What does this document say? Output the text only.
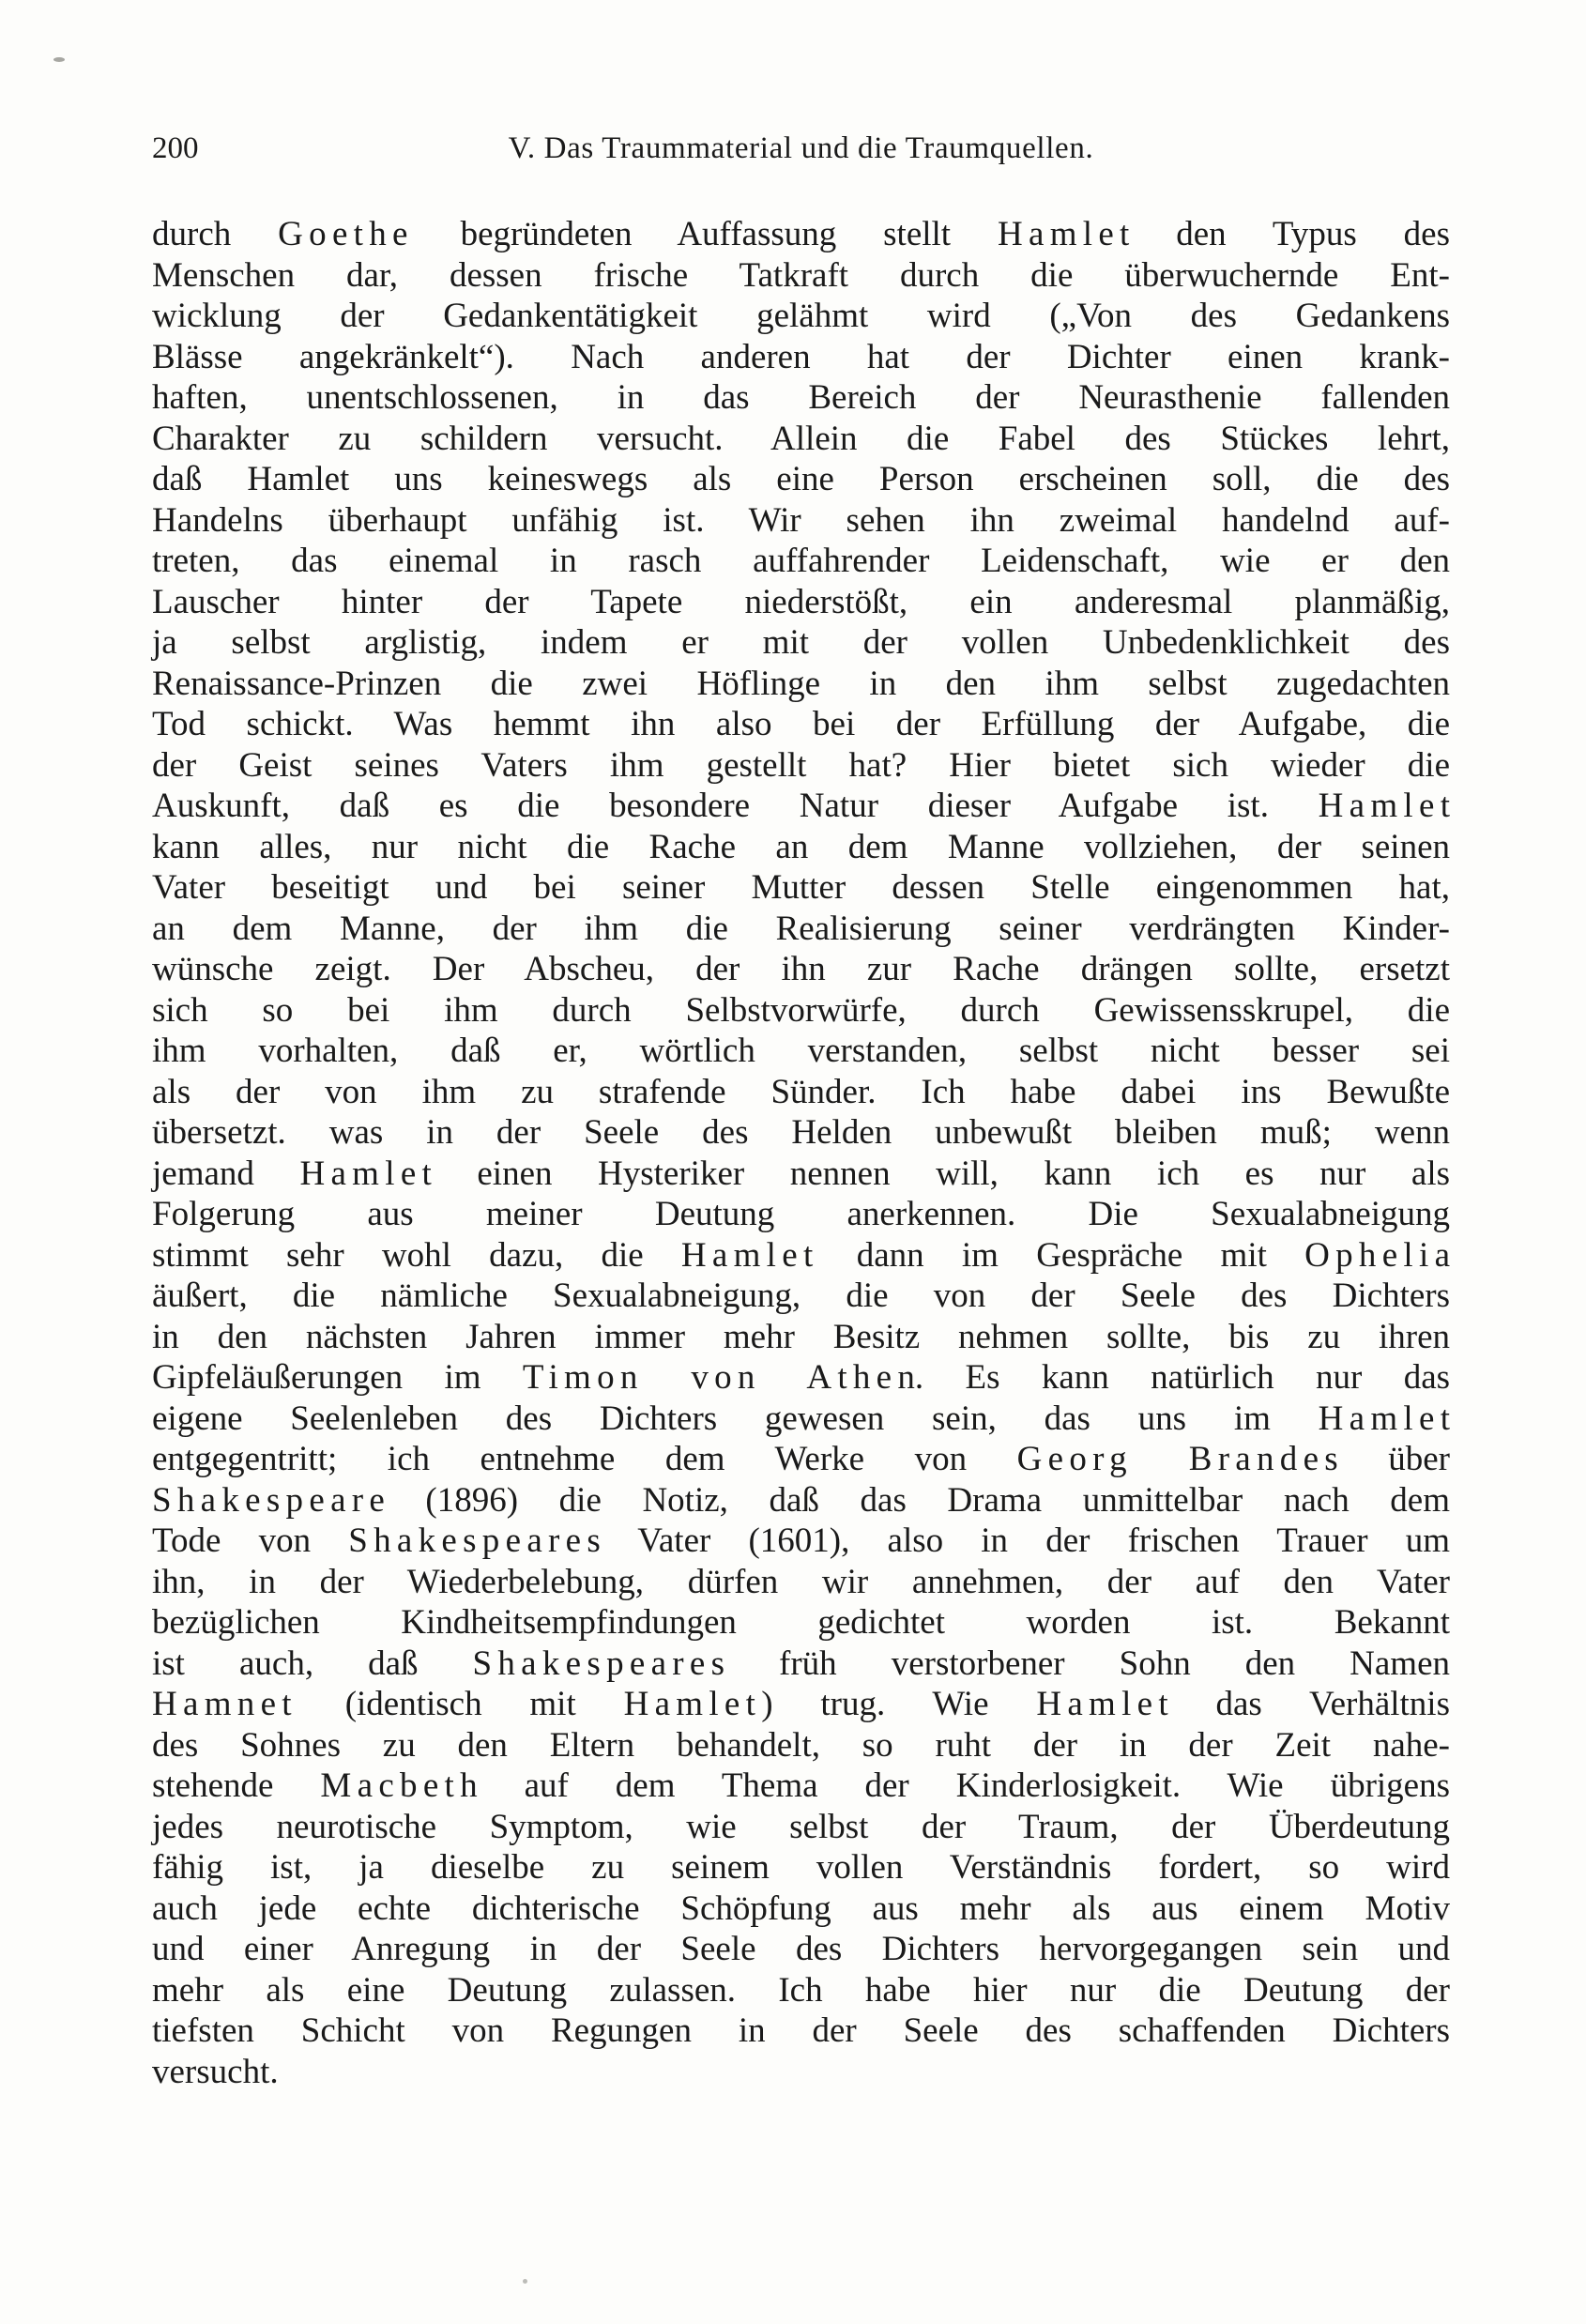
200	V. Das Traummaterial und die Traumquellen.
durch Goethe begründeten Auffassung stellt Hamlet den Typus des
Menschen dar, dessen frische Tatkraft durch die überwuchernde Ent-
wicklung der Gedankentätigkeit gelähmt wird („Von des Gedankens
Blässe angekränkelt“). Nach anderen hat der Dichter einen krank-
haften, unentschlossenen, in das Bereich der Neurasthenie fallenden
Charakter zu schildern versucht. Allein die Fabel des Stückes lehrt,
daß Hamlet uns keineswegs als eine Person erscheinen soll, die des
Handelns überhaupt unfähig ist. Wir sehen ihn zweimal handelnd auf-
treten, das einemal in rasch auffahrender Leidenschaft, wie er den
Lauscher hinter der Tapete niederstößt, ein anderesmal planmäßig,
ja selbst arglistig, indem er mit der vollen Unbedenklichkeit des
Renaissance-Prinzen die zwei Höflinge in den ihm selbst zugedachten
Tod schickt. Was hemmt ihn also bei der Erfüllung der Aufgabe, die
der Geist seines Vaters ihm gestellt hat? Hier bietet sich wieder die
Auskunft, daß es die besondere Natur dieser Aufgabe ist. Hamlet
kann alles, nur nicht die Rache an dem Manne vollziehen, der seinen
Vater beseitigt und bei seiner Mutter dessen Stelle eingenommen hat,
an dem Manne, der ihm die Realisierung seiner verdrängten Kinder-
wünsche zeigt. Der Abscheu, der ihn zur Rache drängen sollte, ersetzt
sich so bei ihm durch Selbstvorwürfe, durch Gewissensskrupel, die
ihm vorhalten, daß er, wörtlich verstanden, selbst nicht besser sei
als der von ihm zu strafende Sünder. Ich habe dabei ins Bewußte
übersetzt. was in der Seele des Helden unbewußt bleiben muß; wenn
jemand Hamlet einen Hysteriker nennen will, kann ich es nur als
Folgerung aus meiner Deutung anerkennen. Die Sexualabneigung
stimmt sehr wohl dazu, die Hamlet dann im Gespräche mit Ophelia
äußert, die nämliche Sexualabneigung, die von der Seele des Dichters
in den nächsten Jahren immer mehr Besitz nehmen sollte, bis zu ihren
Gipfeläußerungen im Timon von Athen. Es kann natürlich nur das
eigene Seelenleben des Dichters gewesen sein, das uns im Hamlet
entgegentritt; ich entnehme dem Werke von Georg Brandes über
Shakespeare (1896) die Notiz, daß das Drama unmittelbar nach dem
Tode von Shakespeares Vater (1601), also in der frischen Trauer um
ihn, in der Wiederbelebung, dürfen wir annehmen, der auf den Vater
bezüglichen Kindheitsempfindungen gedichtet worden ist. Bekannt
ist auch, daß Shakespeares früh verstorbener Sohn den Namen
Hamnet (identisch mit Hamlet) trug. Wie Hamlet das Verhältnis
des Sohnes zu den Eltern behandelt, so ruht der in der Zeit nahe-
stehende Macbeth auf dem Thema der Kinderlosigkeit. Wie übrigens
jedes neurotische Symptom, wie selbst der Traum, der Überdeutung
fähig ist, ja dieselbe zu seinem vollen Verständnis fordert, so wird
auch jede echte dichterische Schöpfung aus mehr als aus einem Motiv
und einer Anregung in der Seele des Dichters hervorgegangen sein und
mehr als eine Deutung zulassen. Ich habe hier nur die Deutung der
tiefsten Schicht von Regungen in der Seele des schaffenden Dichters
versucht.
